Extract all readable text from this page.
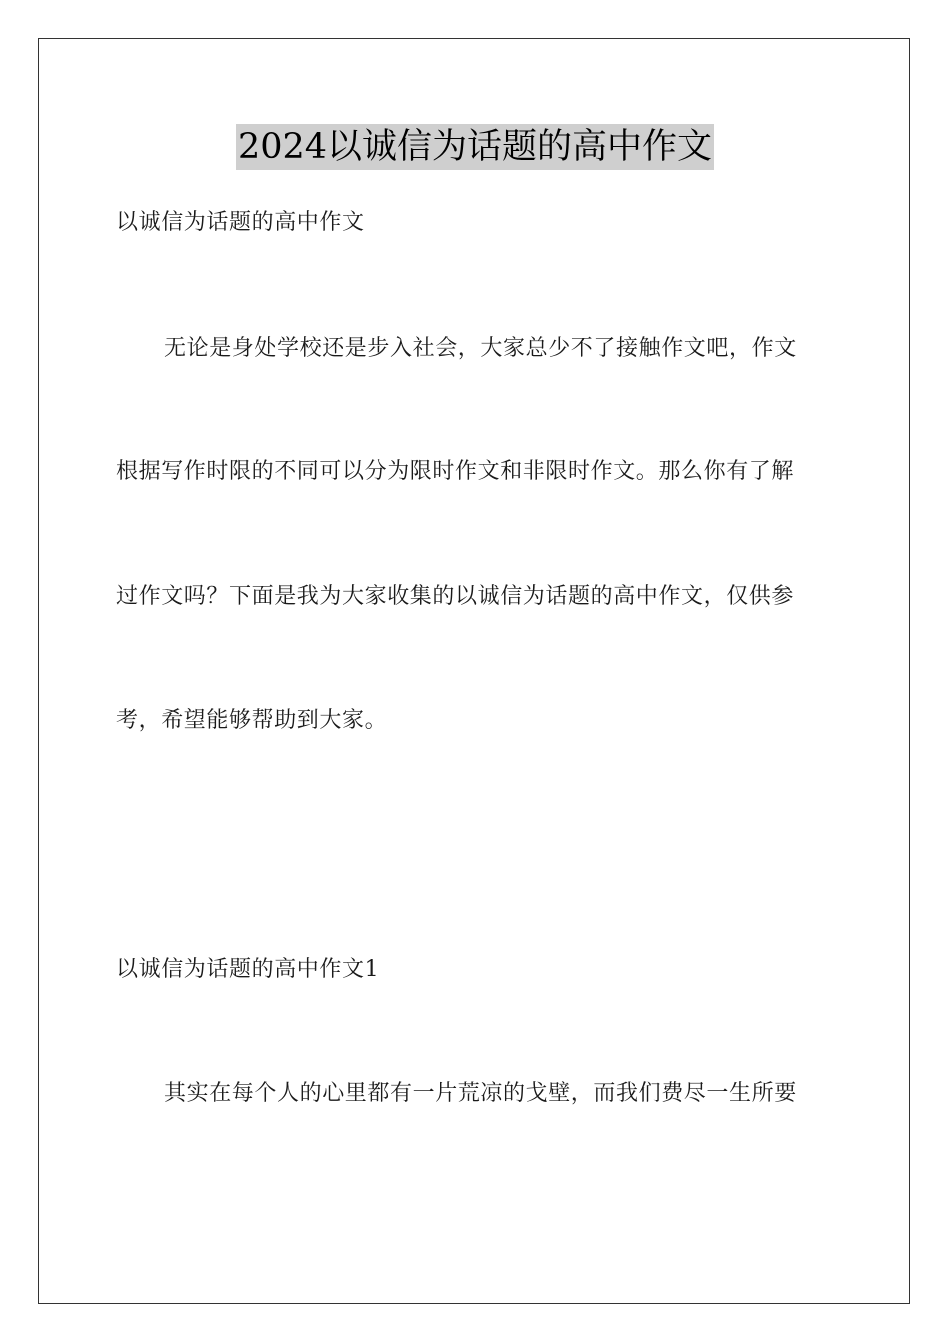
2024以诚信为话题的高中作文
以诚信为话题的高中作文
无论是身处学校还是步入社会，大家总少不了接触作文吧，作文
根据写作时限的不同可以分为限时作文和非限时作文。那么你有了解
过作文吗？下面是我为大家收集的以诚信为话题的高中作文，仅供参
考，希望能够帮助到大家。
以诚信为话题的高中作文1
其实在每个人的心里都有一片荒凉的戈壁，而我们费尽一生所要
